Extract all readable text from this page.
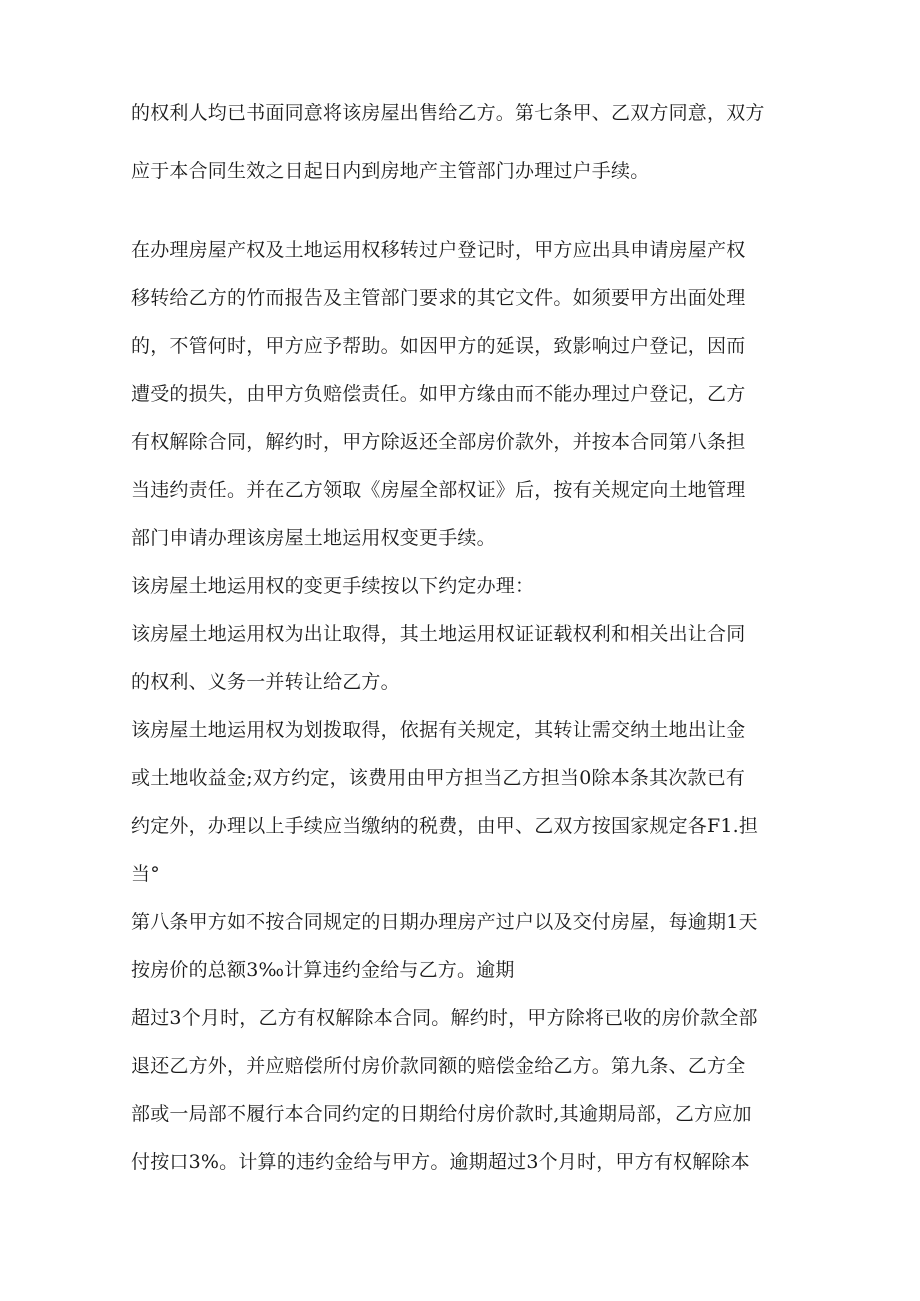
的权利人均已书面同意将该房屋出售给乙方。第七条甲、乙双方同意，双方

应于本合同生效之日起日内到房地产主管部门办理过户手续。

在办理房屋产权及土地运用权移转过户登记时，甲方应出具申请房屋产权

移转给乙方的竹而报告及主管部门要求的其它文件。如须要甲方出面处理

的，不管何时，甲方应予帮助。如因甲方的延误，致影响过户登记，因而

遭受的损失，由甲方负赔偿责任。如甲方缘由而不能办理过户登记，乙方

有权解除合同，解约时，甲方除返还全部房价款外，并按本合同第八条担

当违约责任。并在乙方领取《房屋全部权证》后，按有关规定向土地管理

部门申请办理该房屋土地运用权变更手续。

该房屋土地运用权的变更手续按以下约定办理：

该房屋土地运用权为出让取得，其土地运用权证证载权利和相关出让合同

的权利、义务一并转让给乙方。

该房屋土地运用权为划拨取得，依据有关规定，其转让需交纳土地出让金

或土地收益金;双方约定，该费用由甲方担当乙方担当0除本条其次款已有

约定外，办理以上手续应当缴纳的税费，由甲、乙双方按国家规定各F1.担

当°

第八条甲方如不按合同规定的日期办理房产过户以及交付房屋，每逾期1天

按房价的总额3‰计算违约金给与乙方。逾期

超过3个月时，乙方有权解除本合同。解约时，甲方除将已收的房价款全部

退还乙方外，并应赔偿所付房价款同额的赔偿金给乙方。第九条、乙方全

部或一局部不履行本合同约定的日期给付房价款时,其逾期局部，乙方应加

付按口3%。计算的违约金给与甲方。逾期超过3个月时，甲方有权解除本
